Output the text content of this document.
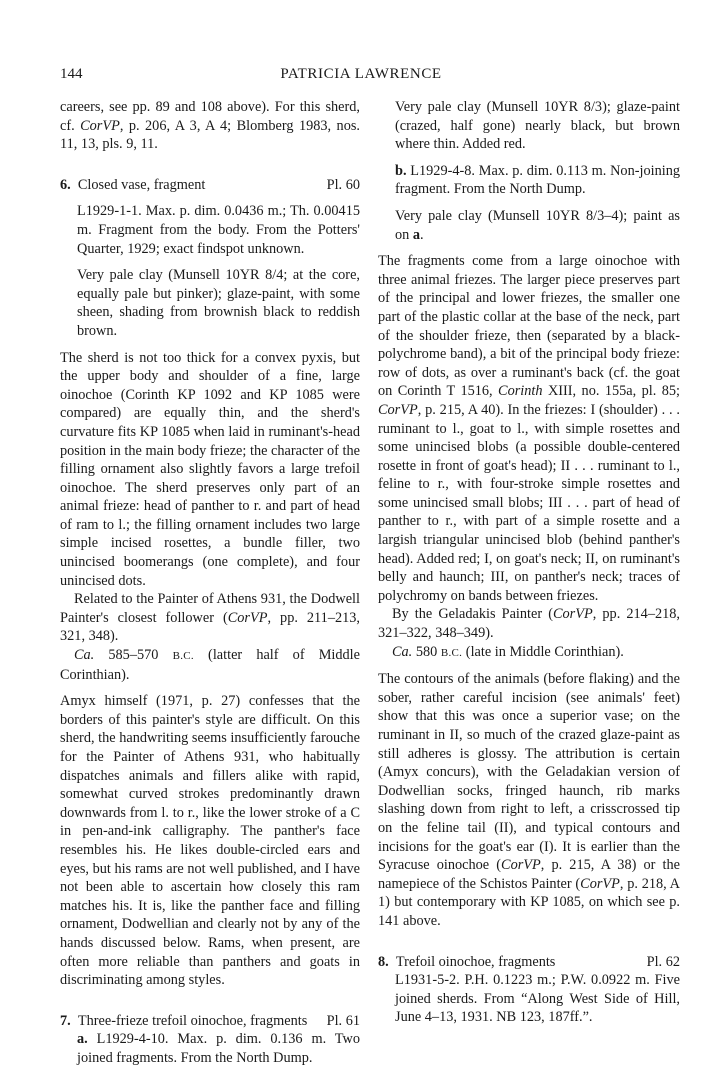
144	PATRICIA LAWRENCE

careers, see pp. 89 and 108 above). For this sherd, cf. CorVP, p. 206, A 3, A 4; Blomberg 1983, nos. 11, 13, pls. 9, 11.

6. Closed vase, fragment	Pl. 60

L1929-1-1. Max. p. dim. 0.0436 m.; Th. 0.00415 m. Fragment from the body. From the Potters' Quarter, 1929; exact findspot unknown.

Very pale clay (Munsell 10YR 8/4; at the core, equally pale but pinker); glaze-paint, with some sheen, shading from brownish black to reddish brown.

The sherd is not too thick for a convex pyxis, but the upper body and shoulder of a fine, large oinochoe (Corinth KP 1092 and KP 1085 were compared) are equally thin, and the sherd's curvature fits KP 1085 when laid in ruminant's-head position in the main body frieze; the character of the filling ornament also slightly favors a large trefoil oinochoe. The sherd preserves only part of an animal frieze: head of panther to r. and part of head of ram to l.; the filling ornament includes two large simple incised rosettes, a bundle filler, two unincised boomerangs (one complete), and four unincised dots.

Related to the Painter of Athens 931, the Dodwell Painter's closest follower (CorVP, pp. 211–213, 321, 348).

Ca. 585–570 B.C. (latter half of Middle Corinthian).

Amyx himself (1971, p. 27) confesses that the borders of this painter's style are difficult. On this sherd, the handwriting seems insufficiently farouche for the Painter of Athens 931, who habitually dispatches animals and fillers alike with rapid, somewhat curved strokes predominantly drawn downwards from l. to r., like the lower stroke of a C in pen-and-ink calligraphy. The panther's face resembles his. He likes double-circled ears and eyes, but his rams are not well published, and I have not been able to ascertain how closely this ram matches his. It is, like the panther face and filling ornament, Dodwellian and clearly not by any of the hands discussed below. Rams, when present, are often more reliable than panthers and goats in discriminating among styles.

7. Three-frieze trefoil oinochoe, fragments	Pl. 61

a. L1929-4-10. Max. p. dim. 0.136 m. Two joined fragments. From the North Dump.

Very pale clay (Munsell 10YR 8/3); glaze-paint (crazed, half gone) nearly black, but brown where thin. Added red.

b. L1929-4-8. Max. p. dim. 0.113 m. Non-joining fragment. From the North Dump.

Very pale clay (Munsell 10YR 8/3–4); paint as on a.

The fragments come from a large oinochoe with three animal friezes. The larger piece preserves part of the principal and lower friezes, the smaller one part of the plastic collar at the base of the neck, part of the shoulder frieze, then (separated by a black-polychrome band), a bit of the principal body frieze: row of dots, as over a ruminant's back (cf. the goat on Corinth T 1516, Corinth XIII, no. 155a, pl. 85; CorVP, p. 215, A 40). In the friezes: I (shoulder) . . . ruminant to l., goat to l., with simple rosettes and some unincised blobs (a possible double-centered rosette in front of goat's head); II . . . ruminant to l., feline to r., with four-stroke simple rosettes and some unincised small blobs; III . . . part of head of panther to r., with part of a simple rosette and a largish triangular unincised blob (behind panther's head). Added red; I, on goat's neck; II, on ruminant's belly and haunch; III, on panther's neck; traces of polychromy on bands between friezes.

By the Geladakis Painter (CorVP, pp. 214–218, 321–322, 348–349).

Ca. 580 B.C. (late in Middle Corinthian).

The contours of the animals (before flaking) and the sober, rather careful incision (see animals' feet) show that this was once a superior vase; on the ruminant in II, so much of the crazed glaze-paint as still adheres is glossy. The attribution is certain (Amyx concurs), with the Geladakian version of Dodwellian socks, fringed haunch, rib marks slashing down from right to left, a crisscrossed tip on the feline tail (II), and typical contours and incisions for the goat's ear (I). It is earlier than the Syracuse oinochoe (CorVP, p. 215, A 38) or the namepiece of the Schistos Painter (CorVP, p. 218, A 1) but contemporary with KP 1085, on which see p. 141 above.

8. Trefoil oinochoe, fragments	Pl. 62

L1931-5-2. P.H. 0.1223 m.; P.W. 0.0922 m. Five joined sherds. From “Along West Side of Hill, June 4–13, 1931. NB 123, 187ff.”.
